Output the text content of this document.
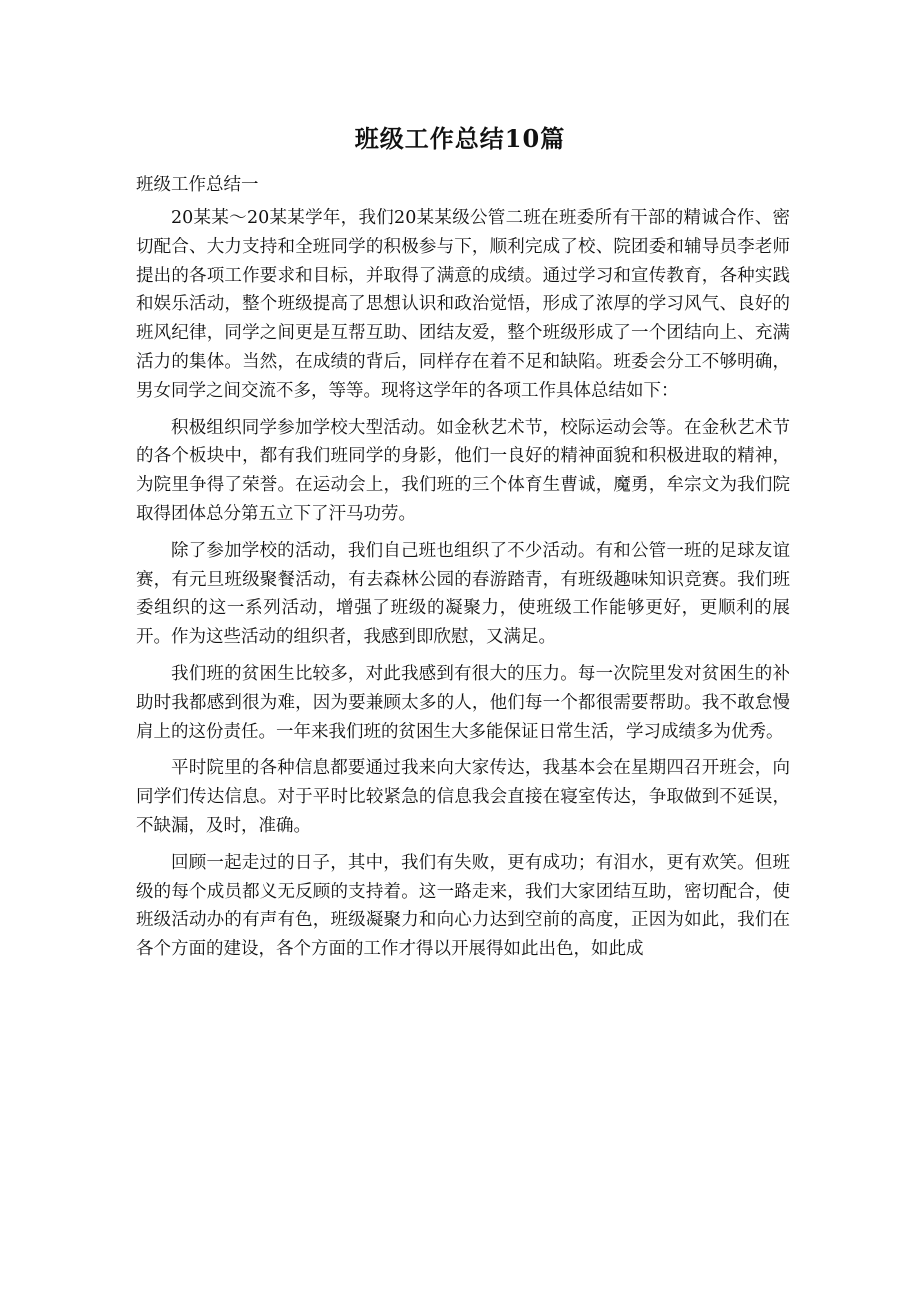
班级工作总结10篇
班级工作总结一

20某某～20某某学年，我们20某某级公管二班在班委所有干部的精诚合作、密切配合、大力支持和全班同学的积极参与下，顺利完成了校、院团委和辅导员李老师提出的各项工作要求和目标，并取得了满意的成绩。通过学习和宣传教育，各种实践和娱乐活动，整个班级提高了思想认识和政治觉悟，形成了浓厚的学习风气、良好的班风纪律，同学之间更是互帮互助、团结友爱，整个班级形成了一个团结向上、充满活力的集体。当然，在成绩的背后，同样存在着不足和缺陷。班委会分工不够明确，男女同学之间交流不多，等等。现将这学年的各项工作具体总结如下：

积极组织同学参加学校大型活动。如金秋艺术节，校际运动会等。在金秋艺术节的各个板块中，都有我们班同学的身影，他们一良好的精神面貌和积极进取的精神，为院里争得了荣誉。在运动会上，我们班的三个体育生曹诚，魔勇，牟宗文为我们院取得团体总分第五立下了汗马功劳。

除了参加学校的活动，我们自己班也组织了不少活动。有和公管一班的足球友谊赛，有元旦班级聚餐活动，有去森林公园的春游踏青，有班级趣味知识竞赛。我们班委组织的这一系列活动，增强了班级的凝聚力，使班级工作能够更好，更顺利的展开。作为这些活动的组织者，我感到即欣慰，又满足。

我们班的贫困生比较多，对此我感到有很大的压力。每一次院里发对贫困生的补助时我都感到很为难，因为要兼顾太多的人，他们每一个都很需要帮助。我不敢怠慢肩上的这份责任。一年来我们班的贫困生大多能保证日常生活，学习成绩多为优秀。

平时院里的各种信息都要通过我来向大家传达，我基本会在星期四召开班会，向同学们传达信息。对于平时比较紧急的信息我会直接在寝室传达，争取做到不延误，不缺漏，及时，准确。

回顾一起走过的日子，其中，我们有失败，更有成功；有泪水，更有欢笑。但班级的每个成员都义无反顾的支持着。这一路走来，我们大家团结互助，密切配合，使班级活动办的有声有色，班级凝聚力和向心力达到空前的高度，正因为如此，我们在各个方面的建设，各个方面的工作才得以开展得如此出色，如此成
